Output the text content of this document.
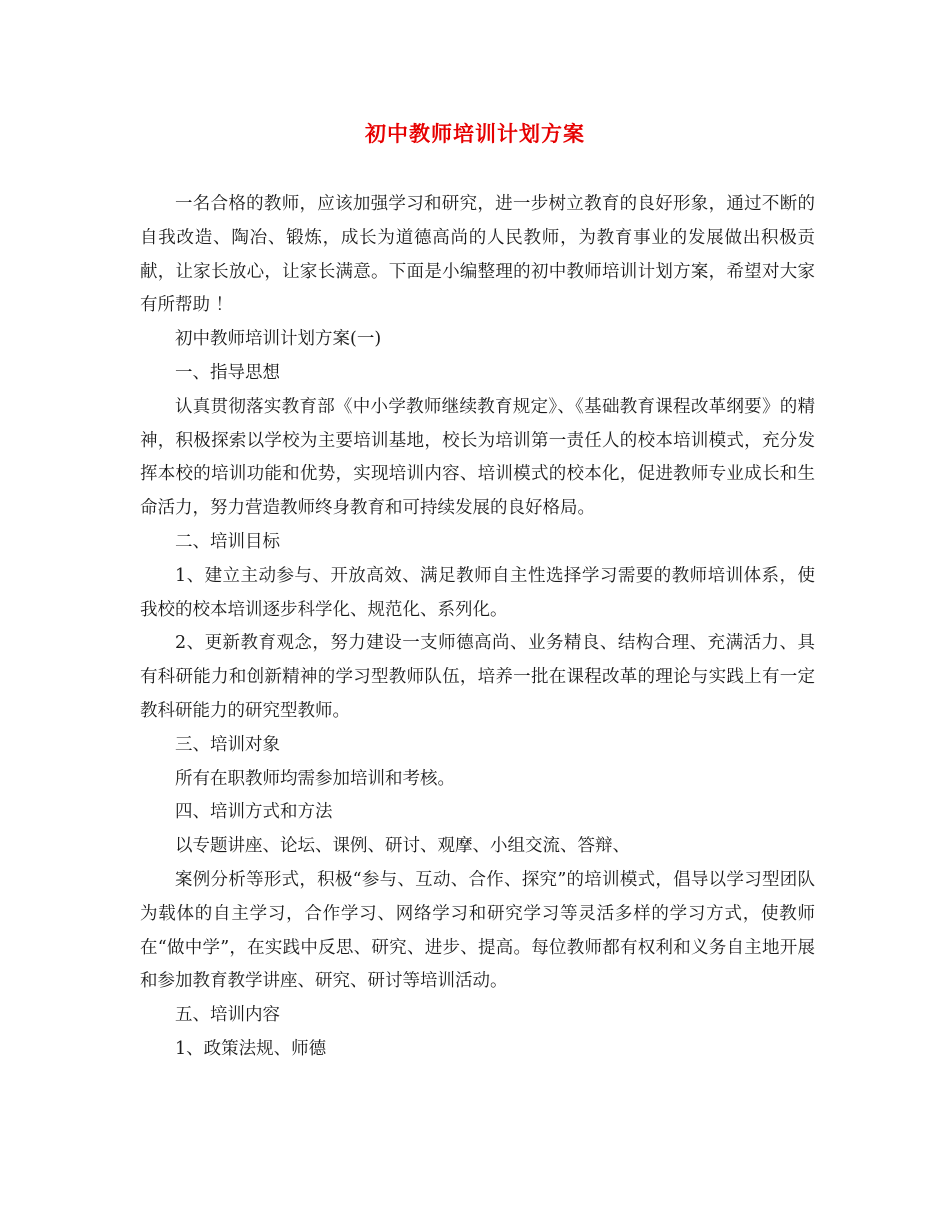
初中教师培训计划方案

一名合格的教师，应该加强学习和研究，进一步树立教育的良好形象，通过不断的自我改造、陶冶、锻炼，成长为道德高尚的人民教师，为教育事业的发展做出积极贡献，让家长放心，让家长满意。下面是小编整理的初中教师培训计划方案，希望对大家有所帮助 ！

初中教师培训计划方案(一)

一、指导思想

认真贯彻落实教育部《中小学教师继续教育规定》、《基础教育课程改革纲要》的精神，积极探索以学校为主要培训基地，校长为培训第一责任人的校本培训模式，充分发挥本校的培训功能和优势，实现培训内容、培训模式的校本化，促进教师专业成长和生命活力，努力营造教师终身教育和可持续发展的良好格局。

二、培训目标

1、建立主动参与、开放高效、满足教师自主性选择学习需要的教师培训体系，使我校的校本培训逐步科学化、规范化、系列化。

2、更新教育观念，努力建设一支师德高尚、业务精良、结构合理、充满活力、具有科研能力和创新精神的学习型教师队伍，培养一批在课程改革的理论与实践上有一定教科研能力的研究型教师。

三、培训对象

所有在职教师均需参加培训和考核。

四、培训方式和方法

以专题讲座、论坛、课例、研讨、观摩、小组交流、答辩、

案例分析等形式，积极“参与、互动、合作、探究”的培训模式，倡导以学习型团队为载体的自主学习，合作学习、网络学习和研究学习等灵活多样的学习方式，使教师在“做中学”，在实践中反思、研究、进步、提高。每位教师都有权利和义务自主地开展和参加教育教学讲座、研究、研讨等培训活动。

五、培训内容

1、政策法规、师德
